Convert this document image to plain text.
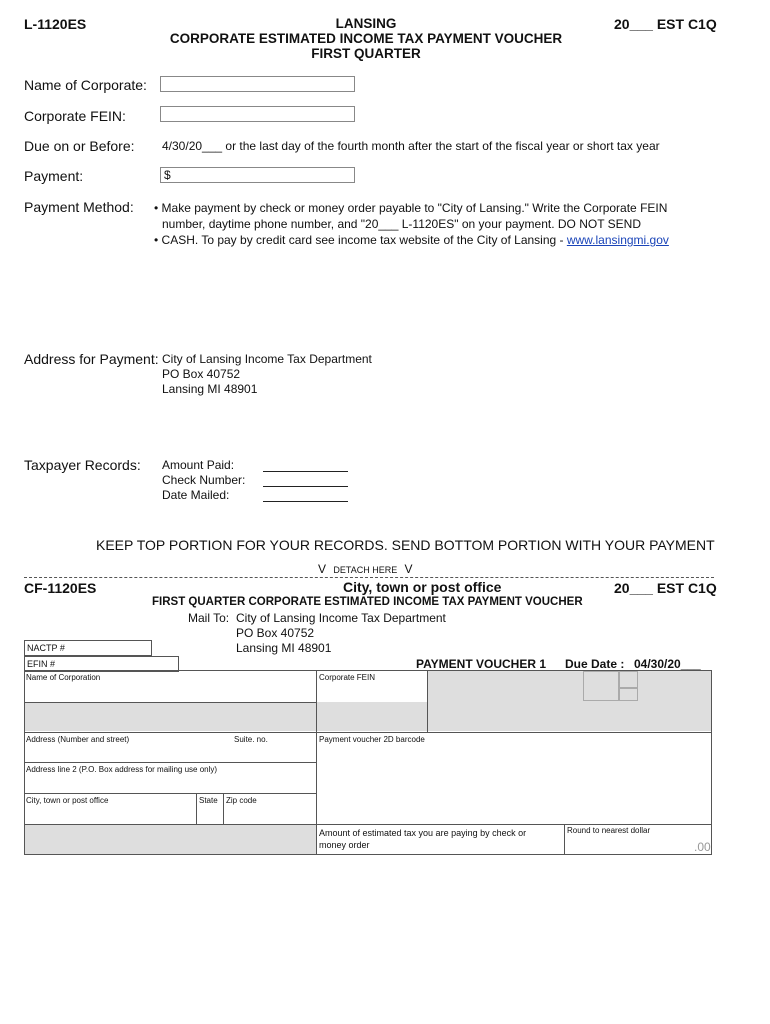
L-1120ES	LANSING
CORPORATE ESTIMATED INCOME TAX PAYMENT VOUCHER
FIRST QUARTER
20___ EST C1Q
Name of Corporate:
Corporate FEIN:
Due on or Before: 4/30/20___ or the last day of the fourth month after the start of the fiscal year or short tax year
Payment:	$
Payment Method: • Make payment by check or money order payable to "City of Lansing." Write the Corporate FEIN
number, daytime phone number, and "20___ L-1120ES" on your payment. DO NOT SEND
• CASH. To pay by credit card see income tax website of the City of Lansing - www.lansingmi.gov
Address for Payment: City of Lansing Income Tax Department
PO Box 40752
Lansing MI 48901
Taxpayer Records: Amount Paid:
Check Number:
Date Mailed:
KEEP TOP PORTION FOR YOUR RECORDS. SEND BOTTOM PORTION WITH YOUR PAYMENT
V DETACH HERE V
CF-1120ES	City, town or post office	20___ EST C1Q
FIRST QUARTER CORPORATE ESTIMATED INCOME TAX PAYMENT VOUCHER
Mail To: City of Lansing Income Tax Department
PO Box 40752
Lansing MI 48901
NACTP #
EFIN #	PAYMENT VOUCHER 1 Due Date : 04/30/20___
Name of Corporation	Corporate FEIN
Address (Number and street)	Suite. no.	Payment voucher 2D barcode
Address line 2 (P.O. Box address for mailing use only)
City, town or post office	State Zip code
Amount of estimated tax you are paying by check or money order
Round to nearest dollar
.00
